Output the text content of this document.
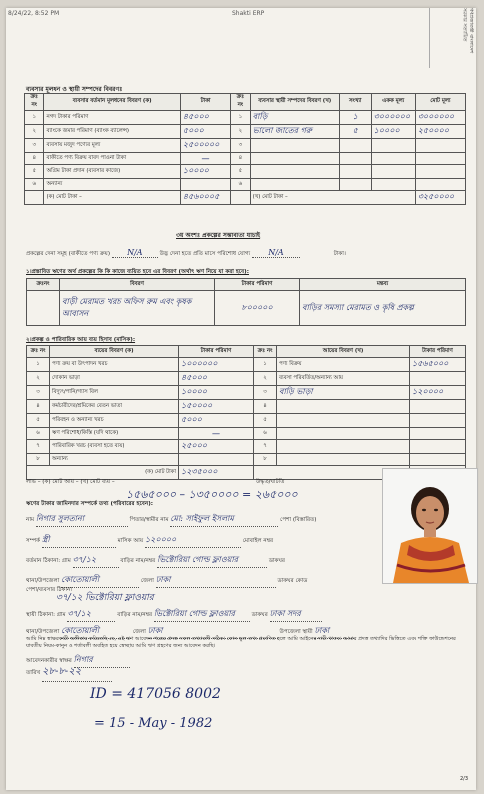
8/24/22, 8:52 PM	Shakti ERP	গণপ্রজাতন্ত্রী বাংলাদেশ সরকার সত্যায়িত
ব্যবসার মূলধন ও স্থায়ী সম্পদের বিবরণঃ
ক্রঃ নং	ব্যবসার বর্তমান মূলধনের বিবরণ (ক)	টাকা	ক্রঃ নং	ব্যবসার স্থায়ী সম্পদের বিবরণ (খ)	সংখ্যা	একক মূল্য	মোট মূল্য
১	নগদ টাকার পরিমাণ	৪৫০০০	১	বাড়ি	১	৩০০০০০০	৩০০০০০০
২	ব্যাংকে জমার পরিমাণ (ব্যাংক ব্যালেন্স)	৫০০০	২	ভালো জাতের গরু	৫	১০০০০	২৫০০০০
৩	ব্যবসায় মজুদ পণ্যের মূল্য	২৫০০০০০	৩				
৪	বাকীতে পণ্য বিক্রয় বাবদ পাওনা টাকা	—	৪				
৫	অগ্রিম টাকা প্রদান (ব্যবসার কাজে)	১০০০০	৫				
৬	অন্যান্য		৬				
	(ক) মোট টাকা –	৪৫৬০০০৫		(খ) মোট টাকা –			৩২৫০০০০
৩য় অংশঃ প্রকল্পের সম্ভাব্যতা যাচাই
প্রকল্পের দেনা সমূহ (বাকীতে পণ্য ক্রয়) N/A	উদ্ভ দেনা হতে প্রতি মাসে পরিশোধ যোগ্য N/A	টাকা।
১।প্রস্তাবিত ঋণের অর্থ প্রকল্পের কি কি কাজে ব্যয়িত হবে এর বিবরণ (অর্থাৎ ঋণ নিয়ে যা করা হবে):
ক্রঃনং	বিবরণ	টাকার পরিমাণ	মন্তব্য
	বাড়ী মেরামত খরচ অফিস রুম এবং কৃষক আবাসন	৮০০০০০	বাড়ির সমস্যা মেরামত ও কৃষি প্রকল্প
২।প্রকল্প ও পারিবারিক আয় ব্যয় হিসাব (মাসিক):
ক্রঃ নং	ব্যয়ের বিবরণ (ক)	টাকার পরিমাণ	ক্রঃ নং	আয়ের বিবরণ (খ)	টাকার পরিমাণ
১	পণ্য ক্রয় বা উৎপাদন খরচ	১০০০০০০	১	পণ্য বিক্রয়	১৫৬৫০০০
২	দোকান ভাড়া	৪৫০০০	২	ব্যবসা পরিবর্তিত/অন্যান্য আয়	
৩	বিদ্যুৎ/পানি/গ্যাস বিল	১০০০০	৩	বাড়ি ভাড়া	১২০০০০
৪	কর্মচারীদের/শ্রমিকের বেতন ভাতা	১৫০০০০	৪		
৫	পরিবহন ও অন্যান্য খরচ	৫০০০	৫		
৬	ঋণ পরিশোধ/কিস্তি (যদি থাকে)	—	৬		
৭	পারিবারিক খরচ (ব্যবসা হতে ব্যয়)	২৫০০০	৭		
৮	অন্যান্য		৮		
(ক) মোট টাকা		১২৩৫০০০		
লাভ – (ক) মোট আয় – (খ) মোট ব্যয় –	উদ্ধৃত/ঘাটতি
১৫৬৫০০০ – ১৩৫০০০০ = ২৬৫০০০
ঋণের টাকার জামিনদার সম্পর্কে তথ্য (পরিবারের হবেন):
নাম নিগার সুলতানা	পিতার/স্বামীর নাম মো: সাইফুল ইসলাম	পেশা (বিস্তারিত)
সম্পর্ক স্ত্রী	মাসিক আয় ১২০০০০	মোবাইল নম্বর
বর্তমান ঠিকানা: গ্রাম ৩৭/১২	বাড়ির নাম/নম্বর ভিক্টোরিয়া গোল্ড ফ্লাওয়ার	ডাকঘর
থানা/উপজেলা কোতোয়ালী	জেলা ঢাকা	ডাকঘর কোড
পেশা/ব্যবসার ঠিকানা
৩৭/১২ ভিক্টোরিয়া ফ্লাওয়ার
স্থায়ী ঠিকানা: গ্রাম ৩৭/১২	বাড়ির নাম/নম্বর ভিক্টোরিয়া গোল্ড ফ্লাওয়ার	ডাকঘর ঢাকা সদর
থানা/উপজেলা কোতোয়ালী	জেলা ঢাকা	উপজেলা স্থায়ী ঢাকা
আমি নিম্ন স্বাক্ষরকারী অঙ্গীকার করিতেছি যে, এই ঋণ আবেদন পত্রের প্রদত্ত সকল তথ্যাবলী সঠিক। কোন ভুল তথ্য প্রমাণিত হলে আমি আইনের দায়ী থাকব। আমার প্রদত্ত তথ্যাদির ভিত্তিতে এবং শক্তি ফাউন্ডেশনের যাবতীয় নিয়ম-কানুন ও শর্তাবলী অবহিত হয়ে স্বেচ্ছায় আমি ঋণ গ্রহণের জন্য আবেদন করছি।
আবেদনকারীর স্বাক্ষর নিগার
তারিখ ২৮-৮-২২
ID = 417056 8002
= 15 - May - 1982
2/3
